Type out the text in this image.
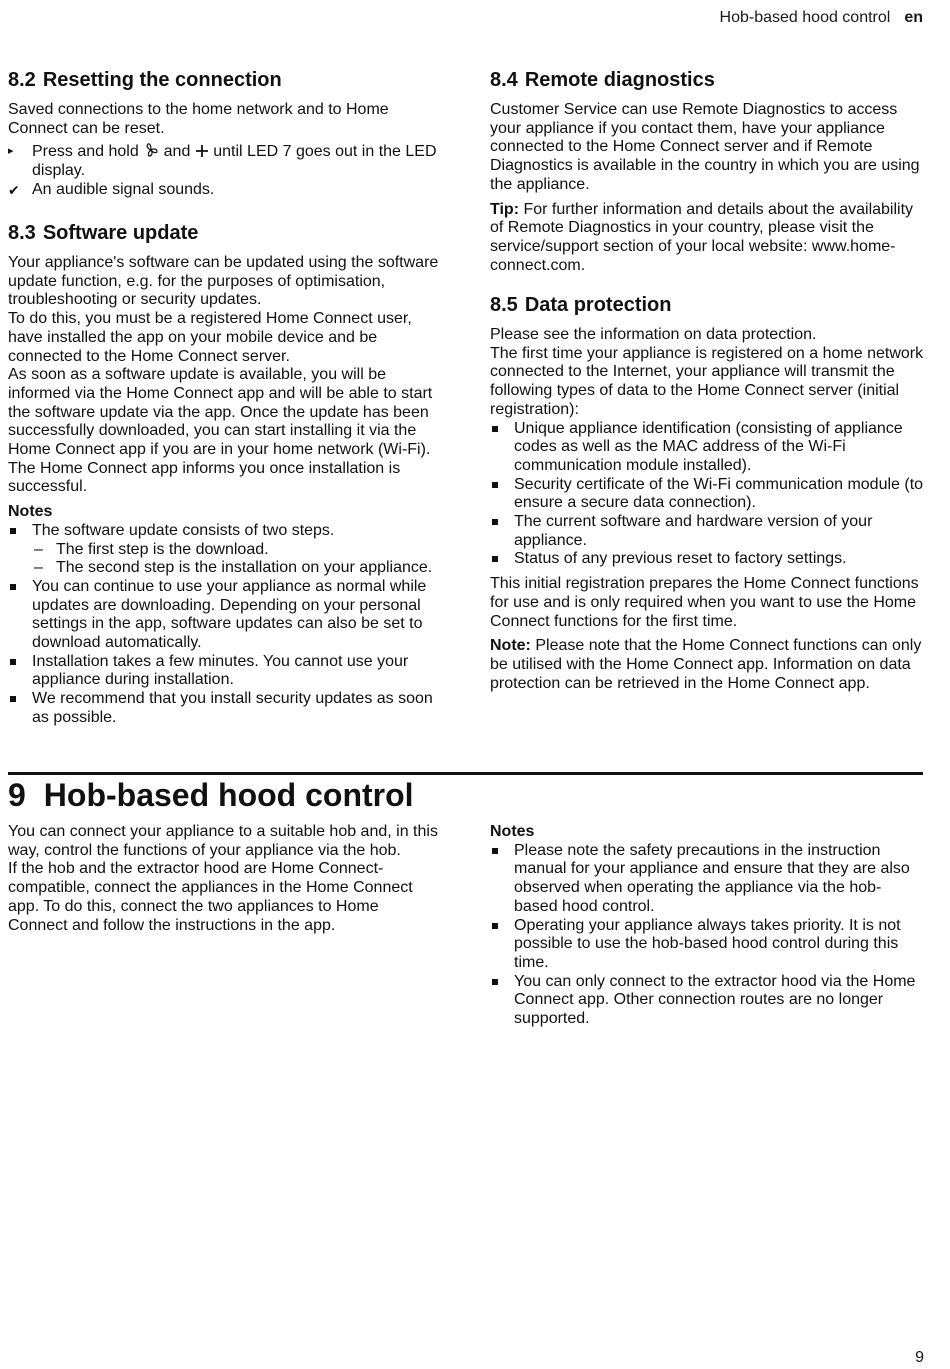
Hob-based hood control en
8.2 Resetting the connection

Saved connections to the home network and to Home Connect can be reset.

▸	Press and hold and until LED 7 goes out in the LED display.
✔ An audible signal sounds.
8.3 Software update

Your appliance's software can be updated using the software update function, e.g. for the purposes of optimisation, troubleshooting or security updates.

To do this, you must be a registered Home Connect user, have installed the app on your mobile device and be connected to the Home Connect server.

As soon as a software update is available, you will be informed via the Home Connect app and will be able to start the software update via the app. Once the update has been successfully downloaded, you can start installing it via the Home Connect app if you are in your home network (Wi-Fi). The Home Connect app informs you once installation is successful.

Notes

The software update consists of two steps.
– The first step is the download.
– The second step is the installation on your appliance.
You can continue to use your appliance as normal while updates are downloading. Depending on your personal settings in the app, software updates can also be set to download automatically.
Installation takes a few minutes. You cannot use your appliance during installation.
We recommend that you install security updates as soon as possible.
8.4 Remote diagnostics

Customer Service can use Remote Diagnostics to access your appliance if you contact them, have your appliance connected to the Home Connect server and if Remote Diagnostics is available in the country in which you are using the appliance.

Tip: For further information and details about the availability of Remote Diagnostics in your country, please visit the service/support section of your local website: www.home-connect.com.

8.5 Data protection

Please see the information on data protection.

The first time your appliance is registered on a home network connected to the Internet, your appliance will transmit the following types of data to the Home Connect server (initial registration):

Unique appliance identification (consisting of appliance codes as well as the MAC address of the Wi-Fi communication module installed).
Security certificate of the Wi-Fi communication module (to ensure a secure data connection).
The current software and hardware version of your appliance.
Status of any previous reset to factory settings.

This initial registration prepares the Home Connect functions for use and is only required when you want to use the Home Connect functions for the first time.

Note: Please note that the Home Connect functions can only be utilised with the Home Connect app. Information on data protection can be retrieved in the Home Connect app.

9 Hob-based hood control

You can connect your appliance to a suitable hob and, in this way, control the functions of your appliance via the hob.

If the hob and the extractor hood are Home Connect-compatible, connect the appliances in the Home Connect app. To do this, connect the two appliances to Home Connect and follow the instructions in the app.

Notes

Please note the safety precautions in the instruction manual for your appliance and ensure that they are also observed when operating the appliance via the hob-based hood control.
Operating your appliance always takes priority. It is not possible to use the hob-based hood control during this time.
You can only connect to the extractor hood via the Home Connect app. Other connection routes are no longer supported.
9
